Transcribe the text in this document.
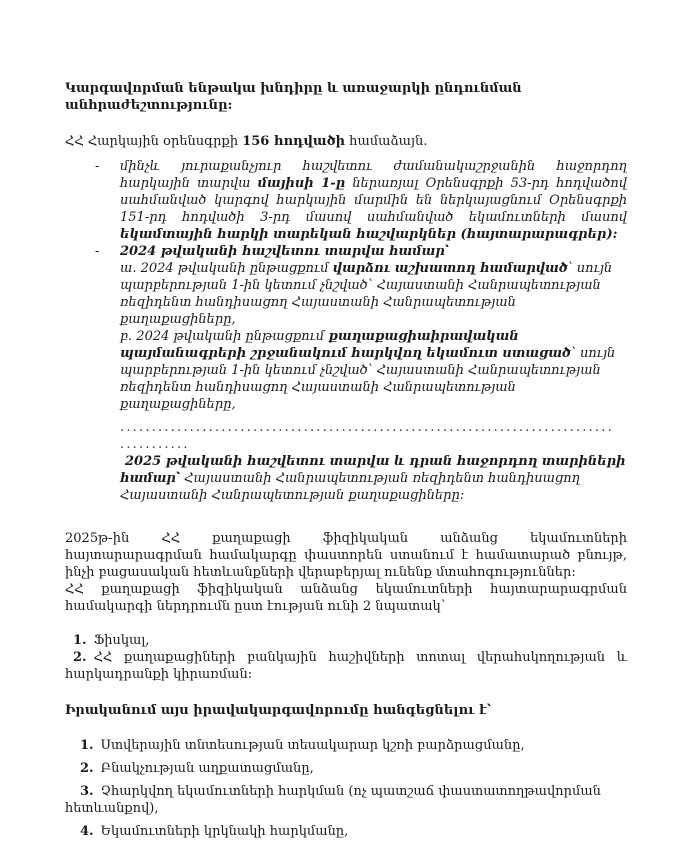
Կարգավորման ենթակա խնդիրը և առաջարկի ընդունման անհրաժեշտությունը:

ՀՀ Հարկային օրենսգրքի 156 հոդվածի համաձայն.

- մինչև յուրաքանչյուր հաշվետու ժամանակաշրջանին հաջորդող հարկային տարվա մայիսի 1-ը ներառյալ Օրենսգրքի 53-րդ հոդվածով սահմանված կարգով հարկային մարմին են ներկայացնում Օրենսգրքի 151-րդ հոդվածի 3-րդ մասով սահմանված եկամուտների մասով եկամտային հարկի տարեկան հաշվարկներ (հայտարարագրեր):
- 2024 թվականի հաշվետու տարվա համար՝
ա. 2024 թվականի ընթացքում վարձու աշխատող համարված՝ սույն պարբերության 1-ին կետում չնշված՝ Հայաստանի Հանրապետության ռեզիդենտ հանդիսացող Հայաստանի Հանրապետության քաղաքացիները,
բ. 2024 թվականի ընթացքում քաղաքացիաիրավական պայմանագրերի շրջանակում հարկվող եկամուտ ստացած՝ սույն պարբերության 1-ին կետում չնշված՝ Հայաստանի Հանրապետության ռեզիդենտ հանդիսացող Հայաստանի Հանրապետության քաղաքացիները,
..............................................................................
...........
2025 թվականի հաշվետու տարվա և դրան հաջորդող տարիների համար՝ Հայաստանի Հանրապետության ռեզիդենտ հանդիսացող Հայաստանի Հանրապետության քաղաքացիները:
2025թ-ին ՀՀ քաղաքացի ֆիզիկական անձանց եկամուտների հայտարարագրման համակարգը փաստորեն ստանում է համատարած բնույթ, ինչի բացասական հետևանքների վերաբերյալ ունենք մտահոգություններ:
ՀՀ քաղաքացի ֆիզիկական անձանց եկամուտների հայտարարագրման համակարգի ներդրումն ըստ էության ունի 2 նպատակ՝
1. Ֆիսկալ,
2. ՀՀ քաղաքացիների բանկային հաշիվների տոտալ վերահսկողության և հարկադրանքի կիրառման:
Իրականում այս իրավակարգավորումը հանգեցնելու է՝
1. Ստվերային տնտեսության տեսակարար կշռի բարձրացմանը,
2. Բնակչության աղքատացմանը,
3. Չհարկվող եկամուտների հարկման (ոչ պատշաճ փաստատողթավորման հետևանքով),
4. Եկամուտների կրկնակի հարկմանը,
